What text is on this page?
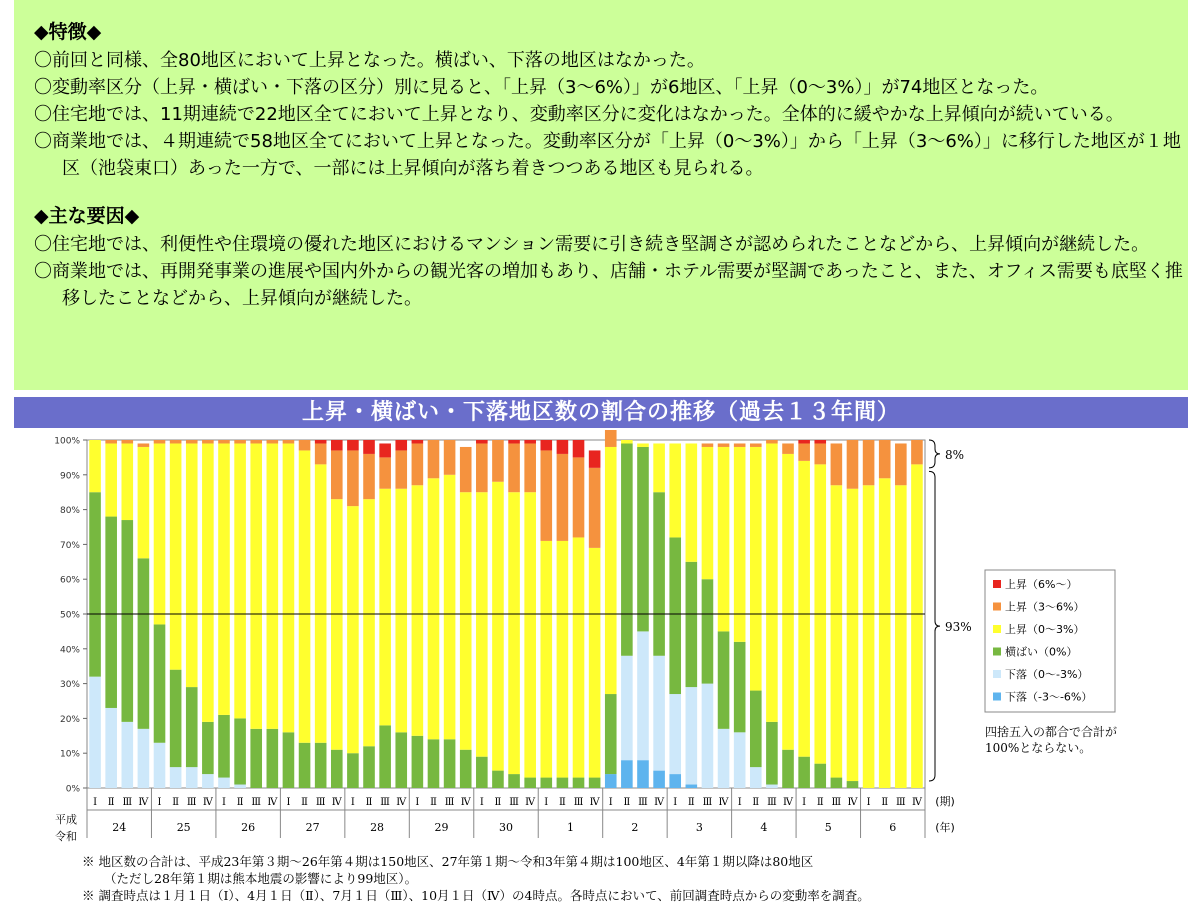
◆特徴◆
〇前回と同様、全80地区において上昇となった。横ばい、下落の地区はなかった。
〇変動率区分（上昇・横ばい・下落の区分）別に見ると、「上昇（3～6%）」が6地区、「上昇（0～3%）」が74地区となった。
〇住宅地では、11期連続で22地区全てにおいて上昇となり、変動率区分に変化はなかった。全体的に緩やかな上昇傾向が続いている。
〇商業地では、４期連続で58地区全てにおいて上昇となった。変動率区分が「上昇（0～3%）」から「上昇（3～6%）」に移行した地区が１地区（池袋東口）あった一方で、一部には上昇傾向が落ち着きつつある地区も見られる。
◆主な要因◆
〇住宅地では、利便性や住環境の優れた地区におけるマンション需要に引き続き堅調さが認められたことなどから、上昇傾向が継続した。
〇商業地では、再開発事業の進展や国内外からの観光客の増加もあり、店舗・ホテル需要が堅調であったこと、また、オフィス需要も底堅く推移したことなどから、上昇傾向が継続した。
上昇・横ばい・下落地区数の割合の推移（過去１３年間）
0%
10%
20%
30%
40%
50%
60%
70%
80%
90%
100%
Ⅰ Ⅱ Ⅲ Ⅳ Ⅰ Ⅱ Ⅲ Ⅳ Ⅰ Ⅱ Ⅲ Ⅳ Ⅰ Ⅱ Ⅲ Ⅳ Ⅰ Ⅱ Ⅲ Ⅳ Ⅰ Ⅱ Ⅲ Ⅳ Ⅰ Ⅱ Ⅲ Ⅳ Ⅰ Ⅱ Ⅲ Ⅳ Ⅰ Ⅱ Ⅲ Ⅳ Ⅰ Ⅱ Ⅲ Ⅳ Ⅰ Ⅱ Ⅲ Ⅳ Ⅰ Ⅱ Ⅲ Ⅳ Ⅰ Ⅱ Ⅲ Ⅳ
24	25	26	27	28	29	30	1	2	3	4	5	6
平成
令和
(期)
(年)
8%
93%
上昇（6%～）
上昇（3～6%）
上昇（0～3%）
横ばい（0%）
下落（0～-3%）
下落（-3～-6%）
四捨五入の都合で合計が
100%とならない。
※ 地区数の合計は、平成23年第３期～26年第４期は150地区、27年第１期～令和3年第４期は100地区、4年第１期以降は80地区
（ただし28年第１期は熊本地震の影響により99地区）。
※ 調査時点は１月１日（Ⅰ）、4月１日（Ⅱ）、7月１日（Ⅲ）、10月１日（Ⅳ）の4時点。各時点において、前回調査時点からの変動率を調査。
